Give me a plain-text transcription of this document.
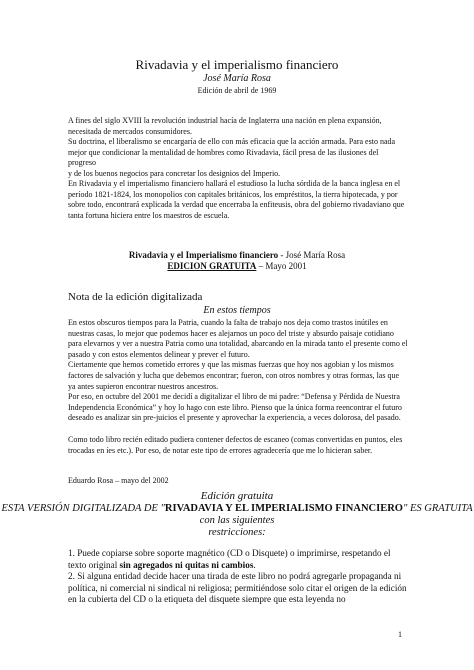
Rivadavia y el imperialismo financiero
José María Rosa
Edición de abril de 1969

A fines del siglo XVIII la revolución industrial hacía de Inglaterra una nación en plena expansión, necesitada de mercados consumidores.

Su doctrina, el liberalismo se encargaría de ello con más eficacia que la acción armada. Para esto nada mejor que condicionar la mentalidad de hombres como Rivadavia, fácil presa de las ilusiones del progreso

y de los buenos negocios para concretar los designios del Imperio.

En Rivadavia y el imperialismo financiero hallará el estudioso la lucha sórdida de la banca inglesa en el período 1821-1824, los monopolios con capitales británicos, los empréstitos, la tierra hipotecada, y por sobre todo, encontrará explicada la verdad que encerraba la enfiteusis, obra del gobierno rivadaviano que tanta fortuna hiciera entre los maestros de escuela.

Rivadavia y el Imperialismo financiero - José María Rosa
EDICION GRATUITA – Mayo 2001
Nota de la edición digitalizada
En estos tiempos

En estos obscuros tiempos para la Patria, cuando la falta de trabajo nos deja como trastos inútiles en nuestras casas, lo mejor que podemos hacer es alejarnos un poco del triste y absurdo paisaje cotidiano para elevarnos y ver a nuestra Patria como una totalidad, abarcando en la mirada tanto el presente como el pasado y con estos elementos delinear y prever el futuro.

Ciertamente que hemos cometido errores y que las mismas fuerzas que hoy nos agobian y los mismos factores de salvación y lucha que debemos encontrar; fueron, con otros nombres y otras formas, las que ya antes supieron encontrar nuestros ancestros.

Por eso, en octubre del 2001 me decidí a digitalizar el libro de mi padre: “Defensa y Pérdida de Nuestra Independencia Económica” y hoy lo hago con este libro. Pienso que la única forma reencontrar el futuro deseado es analizar sin pre-juicios el presente y aprovechar la experiencia, a veces dolorosa, del pasado.

Como todo libro recién editado pudiera contener defectos de escaneo (comas convertidas en puntos, eles trocadas en íes etc.). Por eso, de notar este tipo de errores agradecería que me lo hicieran saber.
Eduardo Rosa – mayo del 2002
Edición gratuita
ESTA VERSIÓN DIGITALIZADA DE "RIVADAVIA Y EL IMPERIALISMO FINANCIERO" ES GRATUITA con las siguientes
restricciones:

1. Puede copiarse sobre soporte magnético (CD o Disquete) o imprimirse, respetando el texto original sin agregados ni quitas ni cambios.

2. Si alguna entidad decide hacer una tirada de este libro no podrá agregarle propaganda ni política, ni comercial ni sindical ni religiosa; permitiéndose solo citar el origen de la edición en la cubierta del CD o la etiqueta del disquete siempre que esta leyenda no

1
